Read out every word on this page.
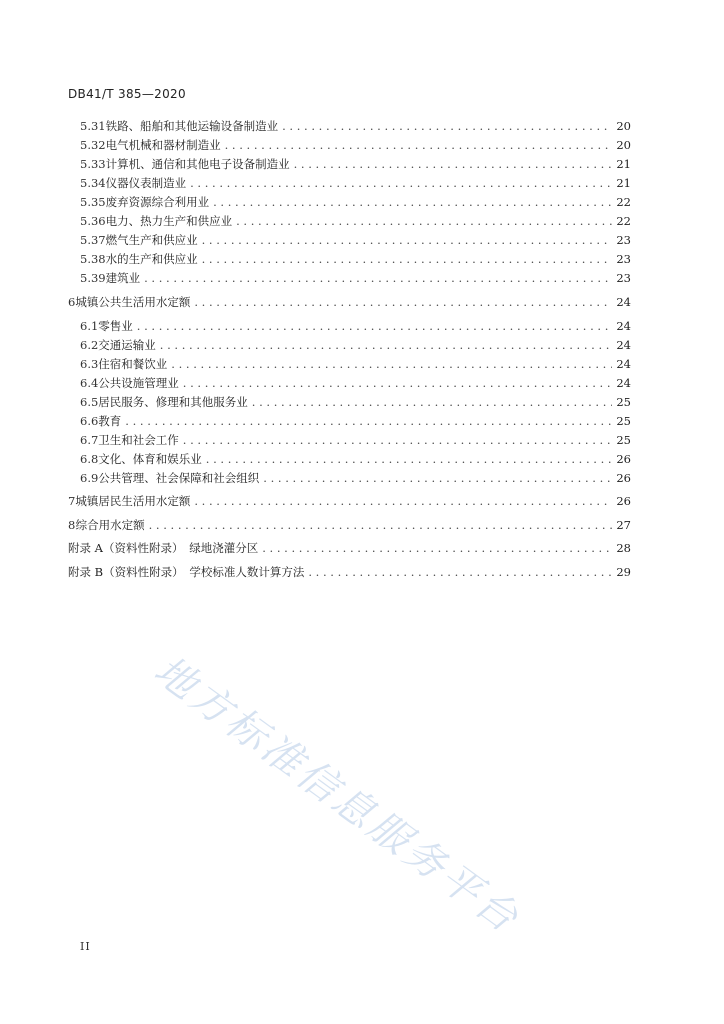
DB41/T 385—2020
5.31 铁路、船舶和其他运输设备制造业 . . .	20
5.32 电气机械和器材制造业 . . .	20
5.33 计算机、通信和其他电子设备制造业 . . .	21
5.34 仪器仪表制造业 . . .	21
5.35 废弃资源综合利用业 . . .	22
5.36 电力、热力生产和供应业 . . .	22
5.37 燃气生产和供应业 . . .	23
5.38 水的生产和供应业 . . .	23
5.39 建筑业 . . .	23
6 城镇公共生活用水定额 . . .	24
6.1 零售业 . . .	24
6.2 交通运输业 . . .	24
6.3 住宿和餐饮业 . . .	24
6.4 公共设施管理业 . . .	24
6.5 居民服务、修理和其他服务业 . . .	25
6.6 教育 . . .	25
6.7 卫生和社会工作 . . .	25
6.8 文化、体育和娱乐业 . . .	26
6.9 公共管理、社会保障和社会组织 . . .	26
7 城镇居民生活用水定额 . . .	26
8 综合用水定额 . . .	27
附录 A（资料性附录）　绿地浇灌分区 . . .	28
附录 B（资料性附录）　学校标准人数计算方法 . . .	29
II
地方标准信息服务平台
